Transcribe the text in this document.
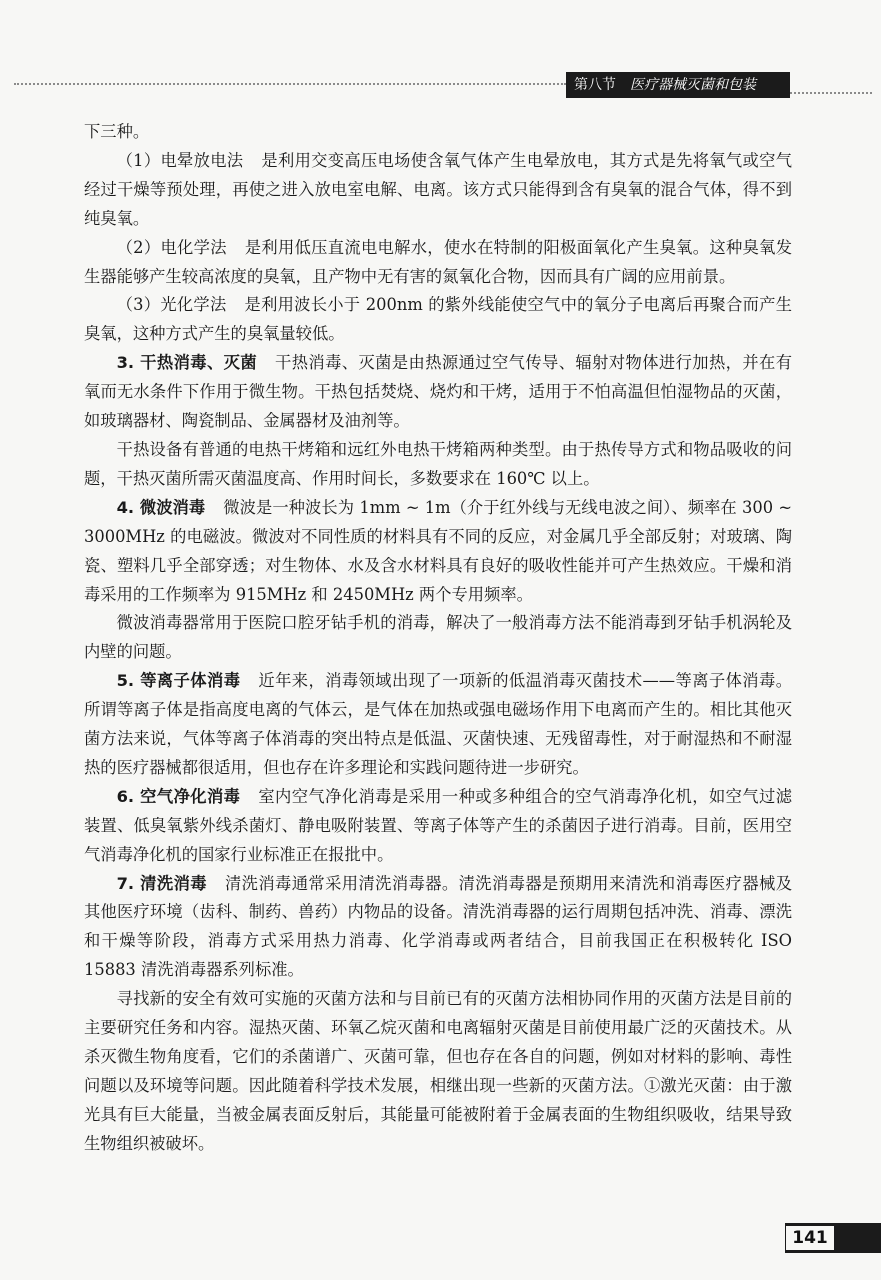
第八节 医疗器械灭菌和包装

下三种。

（1）电晕放电法 是利用交变高压电场使含氧气体产生电晕放电，其方式是先将氧气或空气经过干燥等预处理，再使之进入放电室电解、电离。该方式只能得到含有臭氧的混合气体，得不到纯臭氧。

（2）电化学法 是利用低压直流电电解水，使水在特制的阳极面氧化产生臭氧。这种臭氧发生器能够产生较高浓度的臭氧，且产物中无有害的氮氧化合物，因而具有广阔的应用前景。

（3）光化学法 是利用波长小于 200nm 的紫外线能使空气中的氧分子电离后再聚合而产生臭氧，这种方式产生的臭氧量较低。

3. 干热消毒、灭菌 干热消毒、灭菌是由热源通过空气传导、辐射对物体进行加热，并在有氧而无水条件下作用于微生物。干热包括焚烧、烧灼和干烤，适用于不怕高温但怕湿物品的灭菌，如玻璃器材、陶瓷制品、金属器材及油剂等。

干热设备有普通的电热干烤箱和远红外电热干烤箱两种类型。由于热传导方式和物品吸收的问题，干热灭菌所需灭菌温度高、作用时间长，多数要求在 160℃ 以上。

4. 微波消毒 微波是一种波长为 1mm ~ 1m（介于红外线与无线电波之间）、频率在 300 ~ 3000MHz 的电磁波。微波对不同性质的材料具有不同的反应，对金属几乎全部反射；对玻璃、陶瓷、塑料几乎全部穿透；对生物体、水及含水材料具有良好的吸收性能并可产生热效应。干燥和消毒采用的工作频率为 915MHz 和 2450MHz 两个专用频率。

微波消毒器常用于医院口腔牙钻手机的消毒，解决了一般消毒方法不能消毒到牙钻手机涡轮及内壁的问题。

5. 等离子体消毒 近年来，消毒领域出现了一项新的低温消毒灭菌技术——等离子体消毒。所谓等离子体是指高度电离的气体云，是气体在加热或强电磁场作用下电离而产生的。相比其他灭菌方法来说，气体等离子体消毒的突出特点是低温、灭菌快速、无残留毒性，对于耐湿热和不耐湿热的医疗器械都很适用，但也存在许多理论和实践问题待进一步研究。

6. 空气净化消毒 室内空气净化消毒是采用一种或多种组合的空气消毒净化机，如空气过滤装置、低臭氧紫外线杀菌灯、静电吸附装置、等离子体等产生的杀菌因子进行消毒。目前，医用空气消毒净化机的国家行业标准正在报批中。

7. 清洗消毒 清洗消毒通常采用清洗消毒器。清洗消毒器是预期用来清洗和消毒医疗器械及其他医疗环境（齿科、制药、兽药）内物品的设备。清洗消毒器的运行周期包括冲洗、消毒、漂洗和干燥等阶段，消毒方式采用热力消毒、化学消毒或两者结合，目前我国正在积极转化 ISO 15883 清洗消毒器系列标准。

寻找新的安全有效可实施的灭菌方法和与目前已有的灭菌方法相协同作用的灭菌方法是目前的主要研究任务和内容。湿热灭菌、环氧乙烷灭菌和电离辐射灭菌是目前使用最广泛的灭菌技术。从杀灭微生物角度看，它们的杀菌谱广、灭菌可靠，但也存在各自的问题，例如对材料的影响、毒性问题以及环境等问题。因此随着科学技术发展，相继出现一些新的灭菌方法。①激光灭菌：由于激光具有巨大能量，当被金属表面反射后，其能量可能被附着于金属表面的生物组织吸收，结果导致生物组织被破坏。

141
